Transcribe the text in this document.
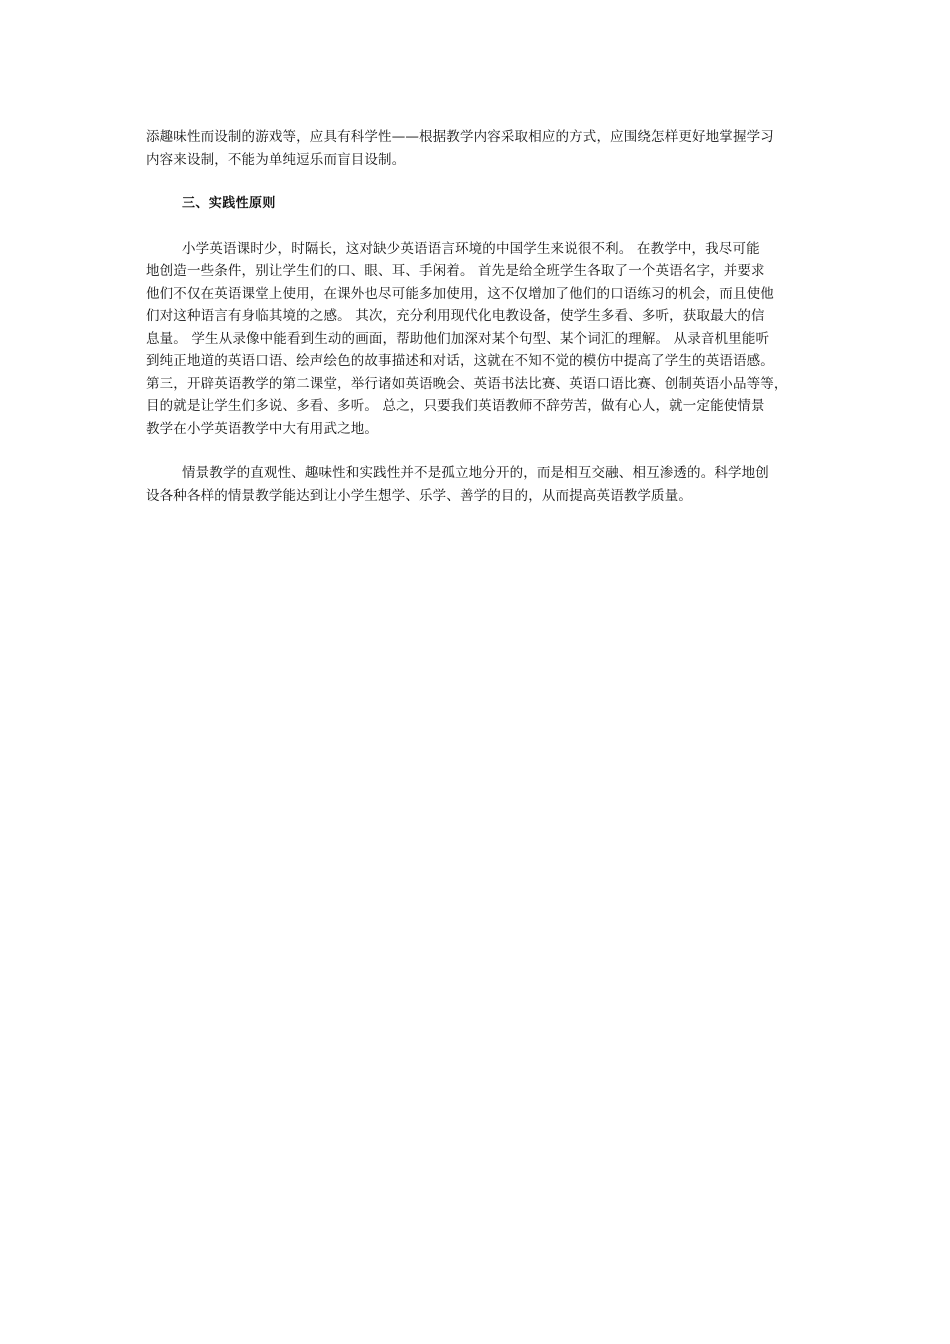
添趣味性而设制的游戏等，应具有科学性——根据教学内容采取相应的方式，应围绕怎样更好地掌握学习
内容来设制，不能为单纯逗乐而盲目设制。
三、实践性原则
小学英语课时少，时隔长，这对缺少英语语言环境的中国学生来说很不利。 在教学中，我尽可能
地创造一些条件，别让学生们的口、眼、耳、手闲着。 首先是给全班学生各取了一个英语名字，并要求
他们不仅在英语课堂上使用，在课外也尽可能多加使用，这不仅增加了他们的口语练习的机会，而且使他
们对这种语言有身临其境的之感。 其次，充分利用现代化电教设备，使学生多看、多听，获取最大的信
息量。 学生从录像中能看到生动的画面，帮助他们加深对某个句型、某个词汇的理解。 从录音机里能听
到纯正地道的英语口语、绘声绘色的故事描述和对话，这就在不知不觉的模仿中提高了学生的英语语感。
第三，开辟英语教学的第二课堂，举行诸如英语晚会、英语书法比赛、英语口语比赛、创制英语小品等等，
目的就是让学生们多说、多看、多听。 总之，只要我们英语教师不辞劳苦，做有心人，就一定能使情景
教学在小学英语教学中大有用武之地。
情景教学的直观性、趣味性和实践性并不是孤立地分开的，而是相互交融、相互渗透的。科学地创
设各种各样的情景教学能达到让小学生想学、乐学、善学的目的，从而提高英语教学质量。
